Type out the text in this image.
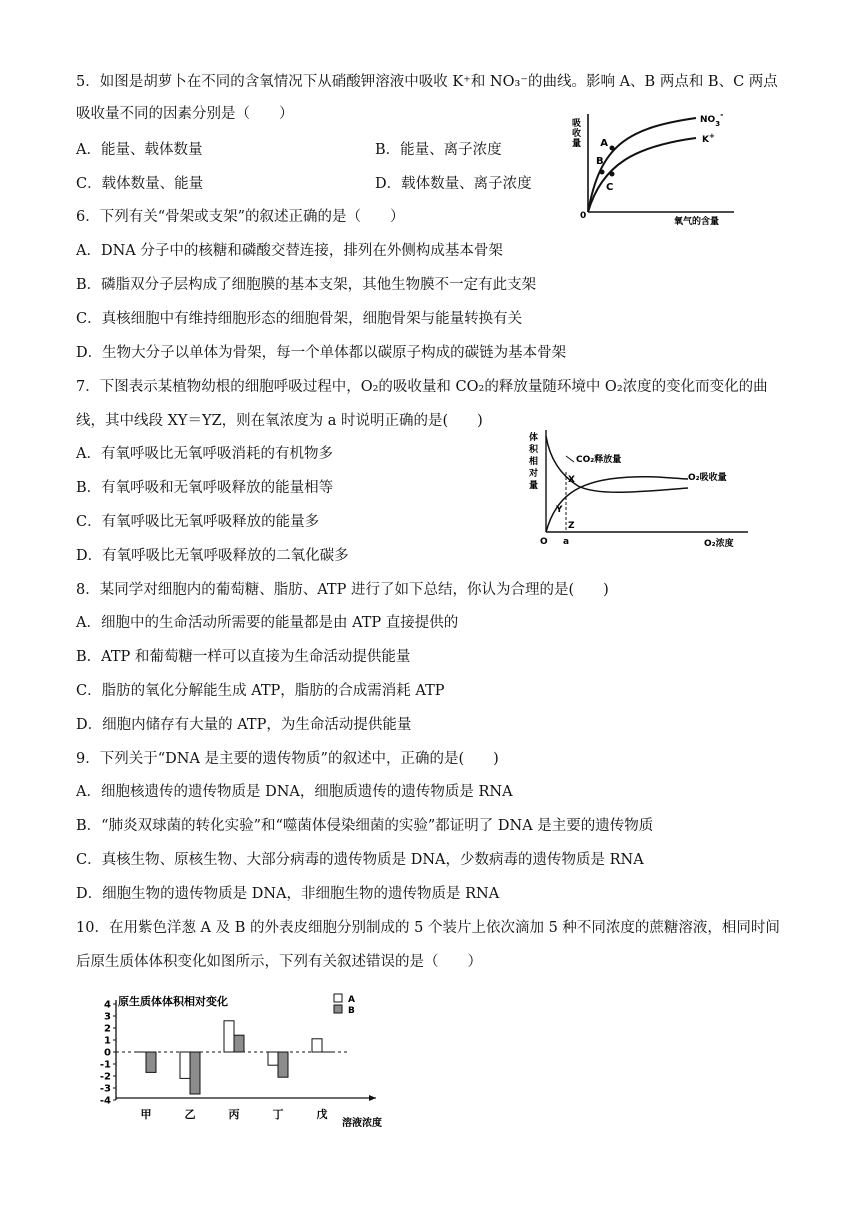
5．如图是胡萝卜在不同的含氧情况下从硝酸钾溶液中吸收 K⁺和 NO₃⁻的曲线。影响 A、B 两点和 B、C 两点
吸收量不同的因素分别是（　　）
A．能量、载体数量	B．能量、离子浓度
C．载体数量、能量	D．载体数量、离子浓度
A
B
C
吸
收
量
0
氧气的含量
$NO_3-$
K+
6．下列有关“骨架或支架”的叙述正确的是（　　）
A．DNA 分子中的核糖和磷酸交替连接，排列在外侧构成基本骨架
B．磷脂双分子层构成了细胞膜的基本支架，其他生物膜不一定有此支架
C．真核细胞中有维持细胞形态的细胞骨架，细胞骨架与能量转换有关
D．生物大分子以单体为骨架，每一个单体都以碳原子构成的碳链为基本骨架
7．下图表示某植物幼根的细胞呼吸过程中，O₂的吸收量和 CO₂的释放量随环境中 O₂浓度的变化而变化的曲
线，其中线段 XY＝YZ，则在氧浓度为 a 时说明正确的是(　　)
A．有氧呼吸比无氧呼吸消耗的有机物多
B．有氧呼吸和无氧呼吸释放的能量相等
C．有氧呼吸比无氧呼吸释放的能量多
D．有氧呼吸比无氧呼吸释放的二氧化碳多
体
积
相
对
量
CO₂释放量
O₂吸收量
X
Y
Z
O a	O₂浓度
8．某同学对细胞内的葡萄糖、脂肪、ATP 进行了如下总结，你认为合理的是(　　)
A．细胞中的生命活动所需要的能量都是由 ATP 直接提供的
B．ATP 和葡萄糖一样可以直接为生命活动提供能量
C．脂肪的氧化分解能生成 ATP，脂肪的合成需消耗 ATP
D．细胞内储存有大量的 ATP，为生命活动提供能量
9．下列关于“DNA 是主要的遗传物质”的叙述中，正确的是(　　)
A．细胞核遗传的遗传物质是 DNA，细胞质遗传的遗传物质是 RNA
B．“肺炎双球菌的转化实验”和“噬菌体侵染细菌的实验”都证明了 DNA 是主要的遗传物质
C．真核生物、原核生物、大部分病毒的遗传物质是 DNA，少数病毒的遗传物质是 RNA
D．细胞生物的遗传物质是 DNA，非细胞生物的遗传物质是 RNA
10．在用紫色洋葱 A 及 B 的外表皮细胞分别制成的 5 个装片上依次滴加 5 种不同浓度的蔗糖溶液，相同时间
后原生质体体积变化如图所示，下列有关叙述错误的是（　　）
4
3
2
1
0
-1
-2
-3
-4
原生质体体积相对变化	A
B
甲	乙	丙	丁	戊
溶液浓度
